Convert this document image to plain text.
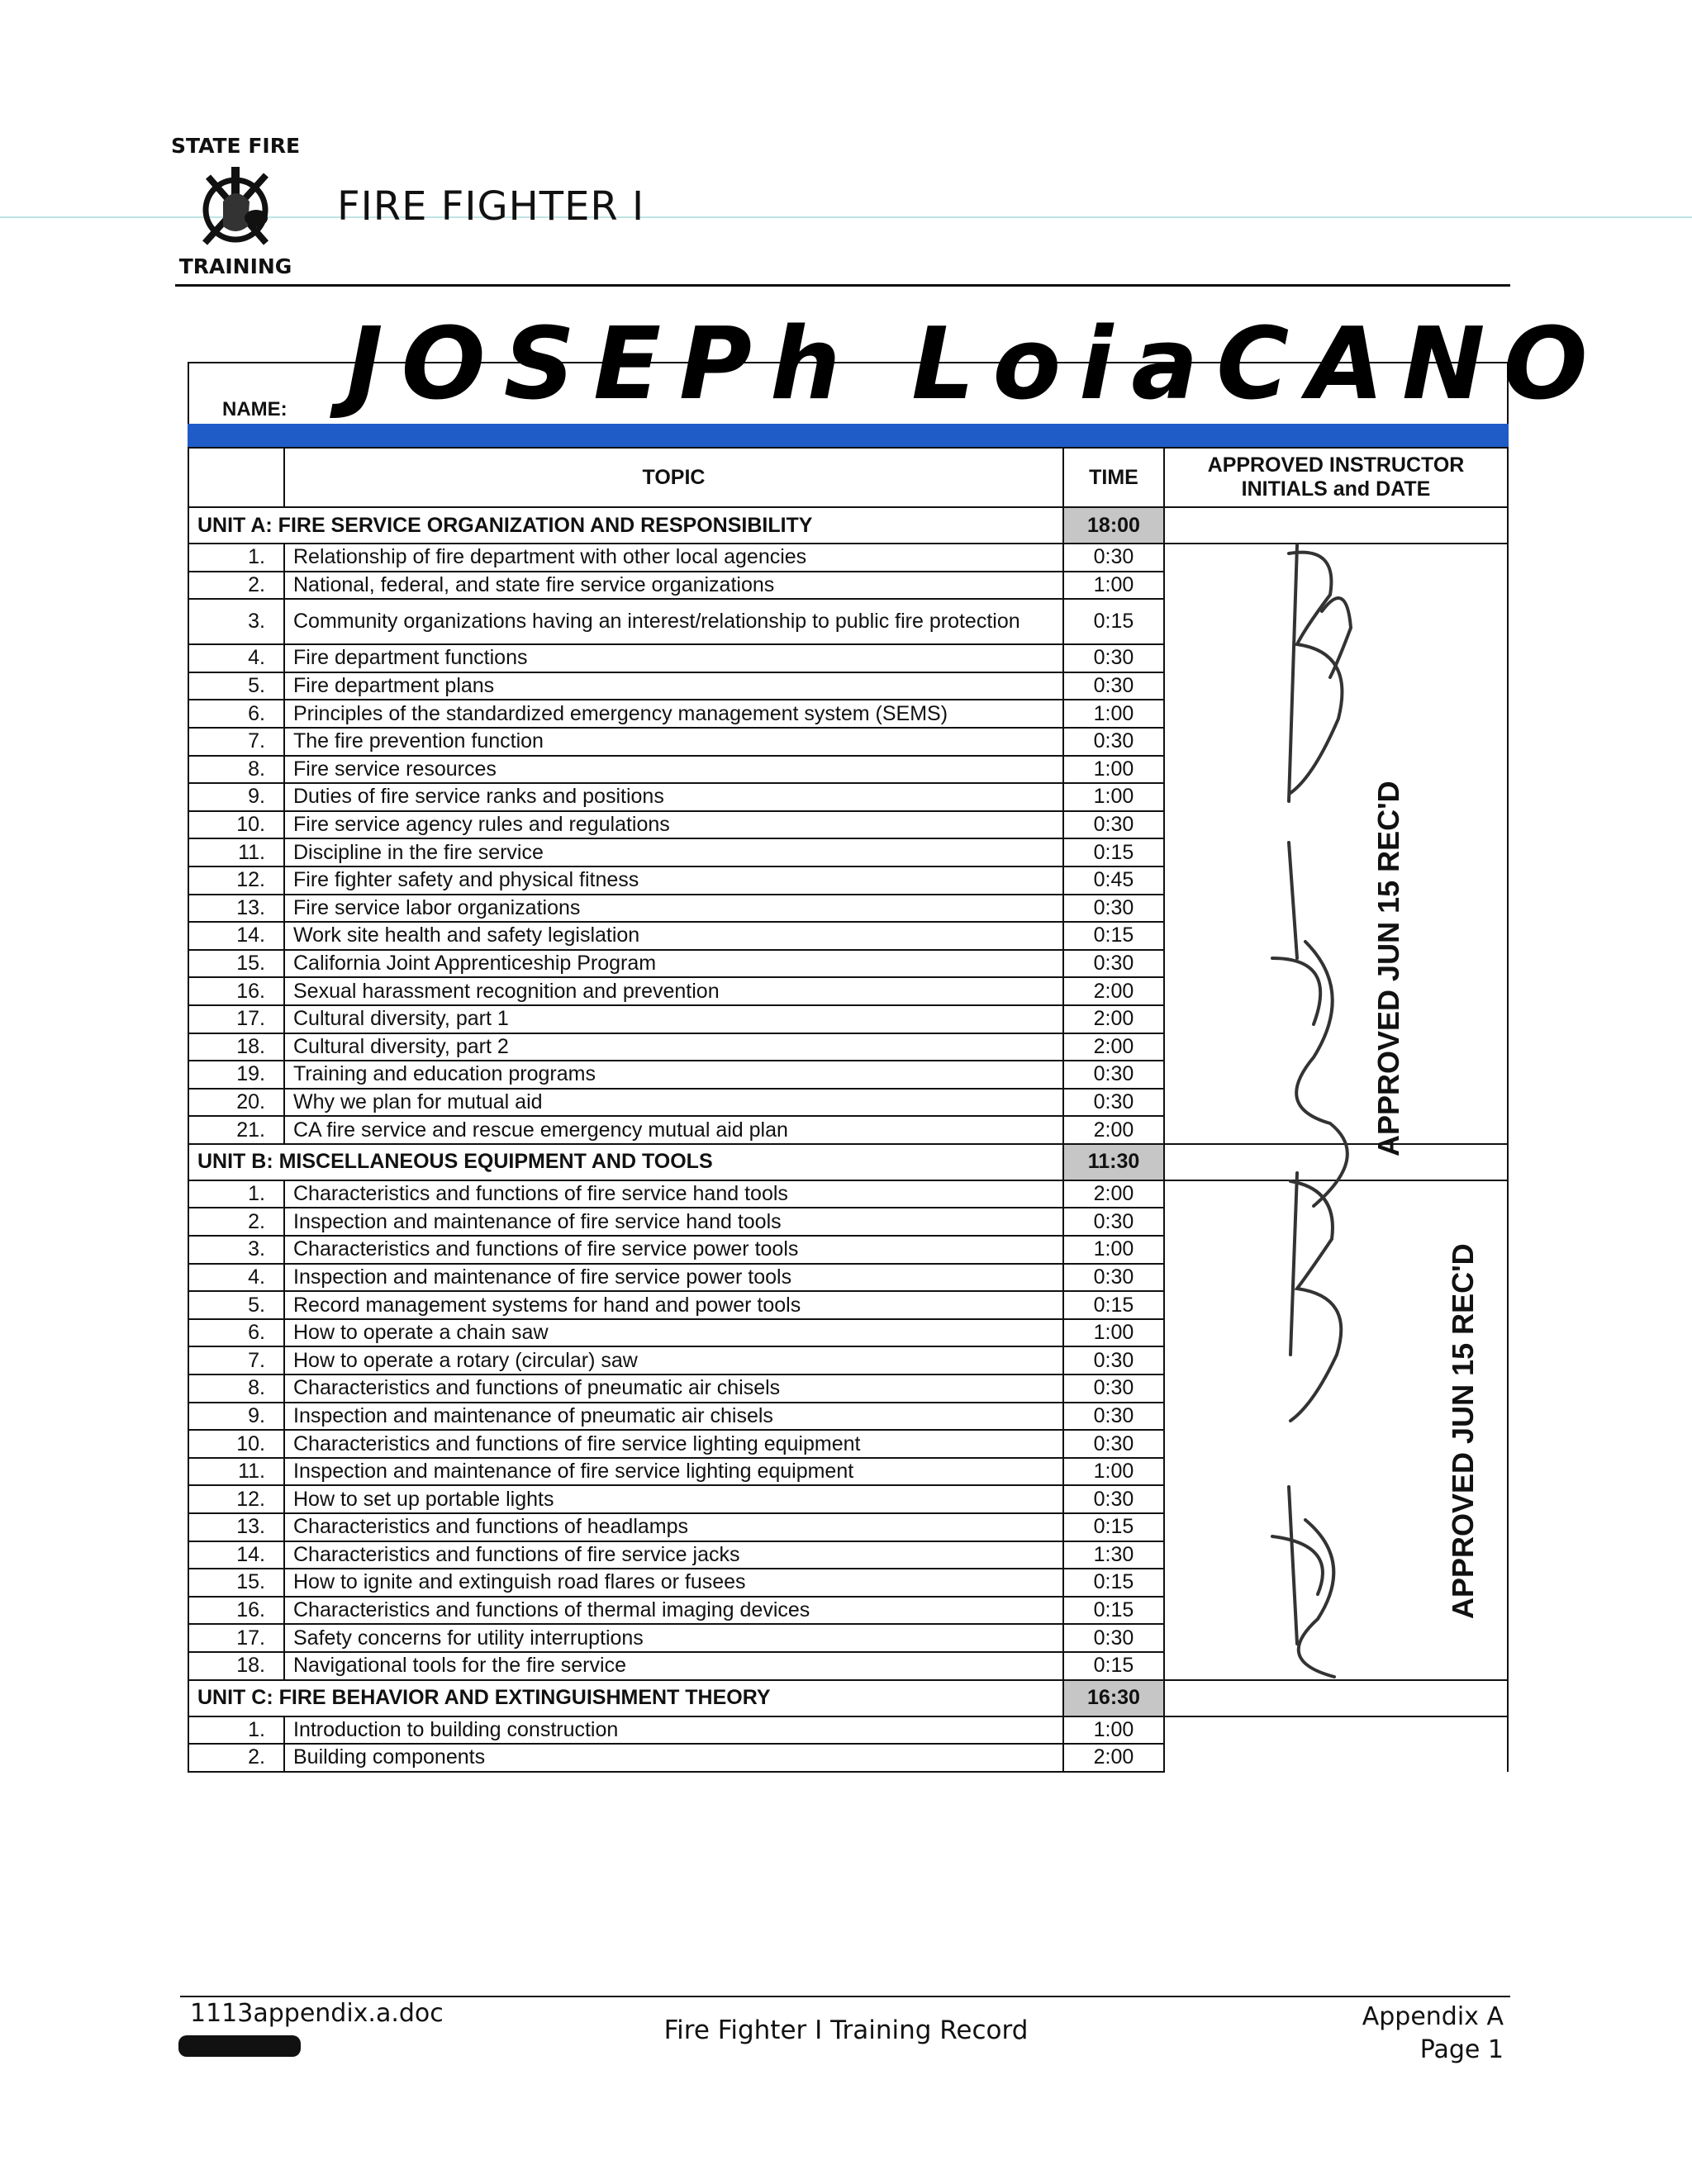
STATE FIRE
TRAINING
FIRE FIGHTER I
NAME: JOSEPh LoiaCANO
	TOPIC	TIME	APPROVED INSTRUCTOR INITIALS and DATE
UNIT A: FIRE SERVICE ORGANIZATION AND RESPONSIBILITY		18:00	
1.	Relationship of fire department with other local agencies	0:30	
2.	National, federal, and state fire service organizations	1:00	
3.	Community organizations having an interest/relationship to public fire protection	0:15	
4.	Fire department functions	0:30	
5.	Fire department plans	0:30	
6.	Principles of the standardized emergency management system (SEMS)	1:00	
7.	The fire prevention function	0:30	
8.	Fire service resources	1:00	
9.	Duties of fire service ranks and positions	1:00	
10.	Fire service agency rules and regulations	0:30	
11.	Discipline in the fire service	0:15	
12.	Fire fighter safety and physical fitness	0:45	
13.	Fire service labor organizations	0:30	
14.	Work site health and safety legislation	0:15	
15.	California Joint Apprenticeship Program	0:30	
16.	Sexual harassment recognition and prevention	2:00	
17.	Cultural diversity, part 1	2:00	
18.	Cultural diversity, part 2	2:00	
19.	Training and education programs	0:30	
20.	Why we plan for mutual aid	0:30	
21.	CA fire service and rescue emergency mutual aid plan	2:00	
UNIT B: MISCELLANEOUS EQUIPMENT AND TOOLS		11:30	
1.	Characteristics and functions of fire service hand tools	2:00	
2.	Inspection and maintenance of fire service hand tools	0:30	
3.	Characteristics and functions of fire service power tools	1:00	
4.	Inspection and maintenance of fire service power tools	0:30	
5.	Record management systems for hand and power tools	0:15	
6.	How to operate a chain saw	1:00	
7.	How to operate a rotary (circular) saw	0:30	
8.	Characteristics and functions of pneumatic air chisels	0:30	
9.	Inspection and maintenance of pneumatic air chisels	0:30	
10.	Characteristics and functions of fire service lighting equipment	0:30	
11.	Inspection and maintenance of fire service lighting equipment	1:00	
12.	How to set up portable lights	0:30	
13.	Characteristics and functions of headlamps	0:15	
14.	Characteristics and functions of fire service jacks	1:30	
15.	How to ignite and extinguish road flares or fusees	0:15	
16.	Characteristics and functions of thermal imaging devices	0:15	
17.	Safety concerns for utility interruptions	0:30	
18.	Navigational tools for the fire service	0:15	
UNIT C: FIRE BEHAVIOR AND EXTINGUISHMENT THEORY		16:30	
1.	Introduction to building construction	1:00	
2.	Building components	2:00	
APPROVED JUN 15 REC'D
APPROVED JUN 15 REC'D
1113appendix.a.doc
Fire Fighter I Training Record	Appendix A
Page 1
